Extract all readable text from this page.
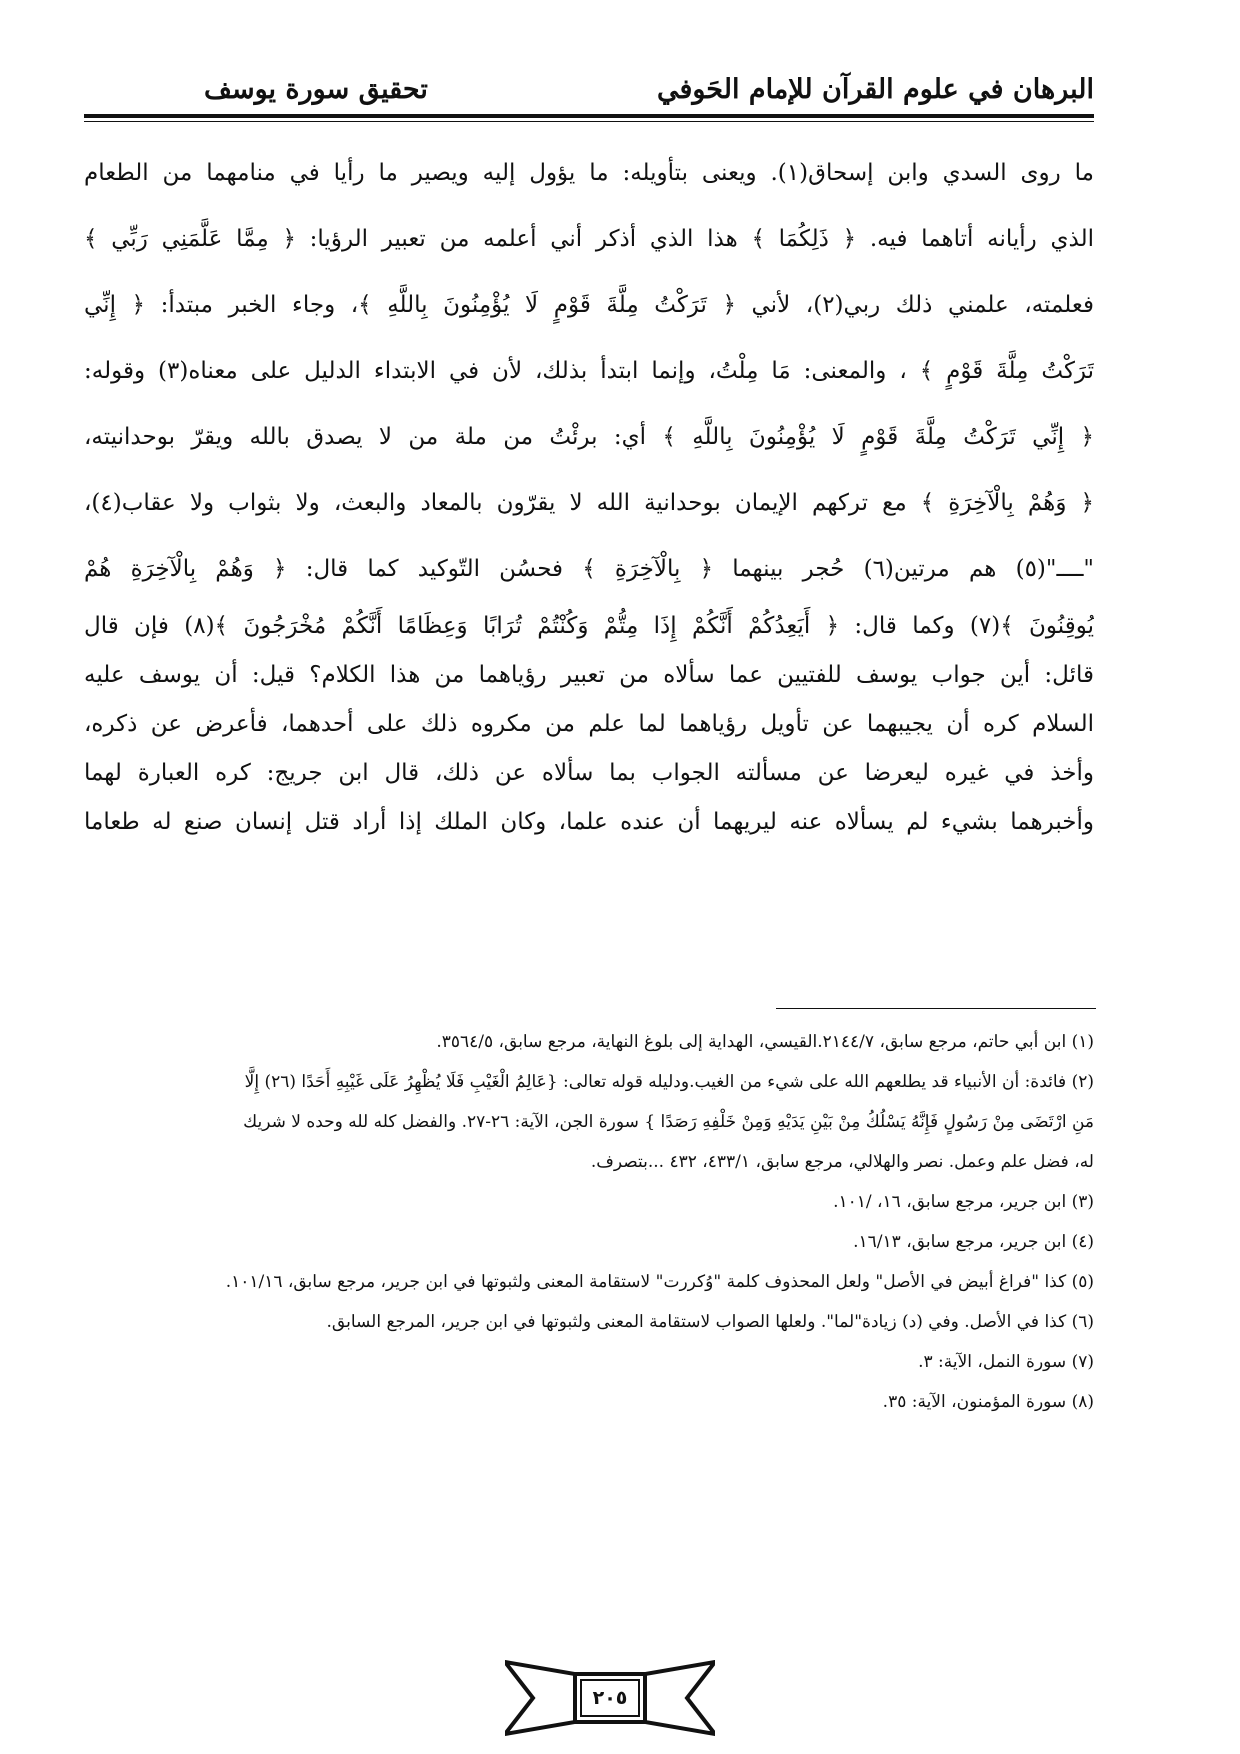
البرهان في علوم القرآن للإمام الحَوفي
تحقيق سورة يوسف
ما روى السدي وابن إسحاق(١). ويعنى بتأويله: ما يؤول إليه ويصير ما رأيا في منامهما من الطعام
الذي رأيانه أتاهما فيه. ﴿ ذَلِكُمَا ﴾ هذا الذي أذكر أني أعلمه من تعبير الرؤيا: ﴿ مِمَّا عَلَّمَنِي رَبِّي ﴾
فعلمته، علمني ذلك ربي(٢)، لأني ﴿ تَرَكْتُ مِلَّةَ قَوْمٍ لَا يُؤْمِنُونَ بِاللَّهِ ﴾، وجاء الخبر مبتدأ: ﴿ إِنِّي
تَرَكْتُ مِلَّةَ قَوْمٍ ﴾ ، والمعنى: مَا مِلْتُ، وإنما ابتدأ بذلك، لأن في الابتداء الدليل على معناه(٣) وقوله:
﴿ إِنِّي تَرَكْتُ مِلَّةَ قَوْمٍ لَا يُؤْمِنُونَ بِاللَّهِ ﴾ أي: برئْتُ من ملة من لا يصدق بالله ويقرّ بوحدانيته،
﴿ وَهُمْ بِالْآخِرَةِ ﴾ مع تركهم الإيمان بوحدانية الله لا يقرّون بالمعاد والبعث، ولا بثواب ولا عقاب(٤)،
"ــــ"(٥) هم مرتين(٦) حُجر بينهما ﴿ بِالْآخِرَةِ ﴾ فحسُن التّوكيد كما قال: ﴿ وَهُمْ بِالْآخِرَةِ هُمْ
يُوقِنُونَ ﴾(٧) وكما قال: ﴿ أَيَعِدُكُمْ أَنَّكُمْ إِذَا مِتُّمْ وَكُنْتُمْ تُرَابًا وَعِظَامًا أَنَّكُمْ مُخْرَجُونَ ﴾(٨) فإن قال
قائل: أين جواب يوسف للفتيين عما سألاه من تعبير رؤياهما من هذا الكلام؟ قيل: أن يوسف عليه
السلام كره أن يجيبهما عن تأويل رؤياهما لما علم من مكروه ذلك على أحدهما، فأعرض عن ذكره،
وأخذ في غيره ليعرضا عن مسألته الجواب بما سألاه عن ذلك، قال ابن جريج: كره العبارة لهما
وأخبرهما بشيء لم يسألاه عنه ليريهما أن عنده علما، وكان الملك إذا أراد قتل إنسان صنع له طعاما
(١) ابن أبي حاتم، مرجع سابق، ٢١٤٤/٧.القيسي، الهداية إلى بلوغ النهاية، مرجع سابق، ٣٥٦٤/٥.
(٢) فائدة: أن الأنبياء قد يطلعهم الله على شيء من الغيب.ودليله قوله تعالى: {عَالِمُ الْغَيْبِ فَلَا يُظْهِرُ عَلَى غَيْبِهِ أَحَدًا (٢٦) إِلَّا
مَنِ ارْتَضَى مِنْ رَسُولٍ فَإِنَّهُ يَسْلُكُ مِنْ بَيْنِ يَدَيْهِ وَمِنْ خَلْفِهِ رَصَدًا } سورة الجن، الآية: ٢٦-٢٧. والفضل كله لله وحده لا شريك
له، فضل علم وعمل. نصر والهلالي، مرجع سابق، ٤٣٣/١، ٤٣٢ ...بتصرف.
(٣) ابن جرير، مرجع سابق، ١٦، /١٠١.
(٤) ابن جرير، مرجع سابق، ١٦/١٣.
(٥) كذا "فراغ أبيض في الأصل" ولعل المحذوف كلمة "وُكررت" لاستقامة المعنى ولثبوتها في ابن جرير، مرجع سابق، ١٠١/١٦.
(٦) كذا في الأصل. وفي (د) زيادة"لما". ولعلها الصواب لاستقامة المعنى ولثبوتها في ابن جرير، المرجع السابق.
(٧) سورة النمل، الآية: ٣.
(٨) سورة المؤمنون، الآية: ٣٥.
٢٠٥
